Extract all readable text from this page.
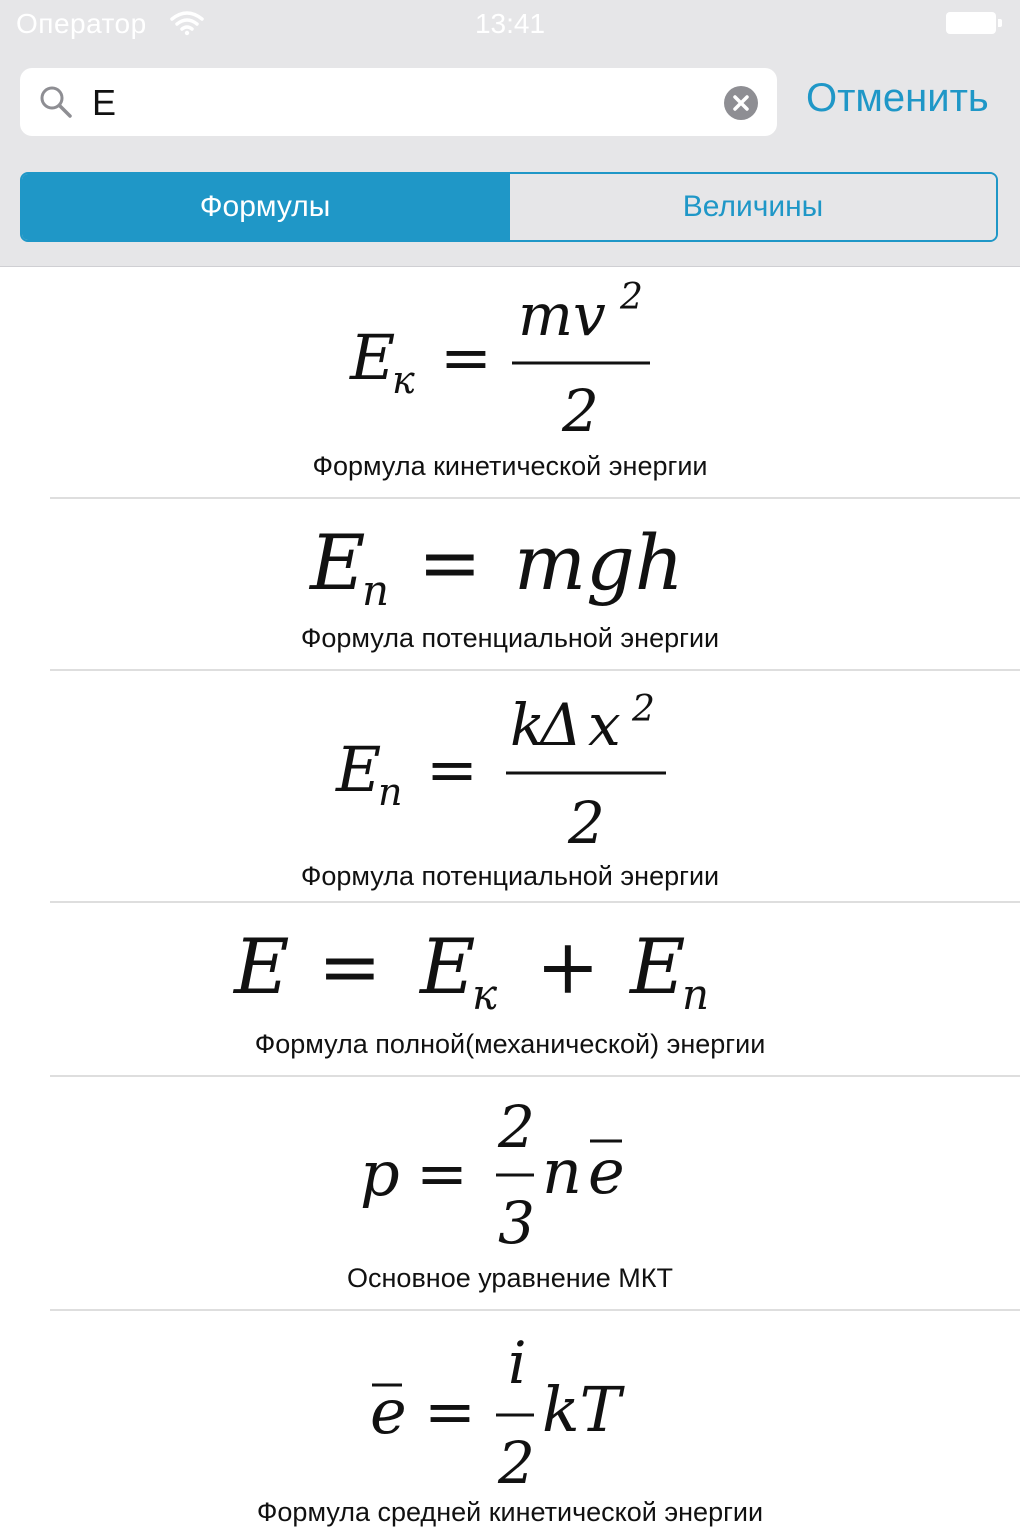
Оператор	13:41
E	Отменить
Формулы	Величины
E
к =
mv 2
2
Формула кинетической энергии
E
п = mgh
Формула потенциальной энергии
E
п =
k
Δ x 2
2
Формула потенциальной энергии
E = E
к + E
п
Формула полной(механической) энергии
p =
2
3
n e
Основное уравнение МКТ
e =
i
2
kT
Формула средней кинетической энергии
